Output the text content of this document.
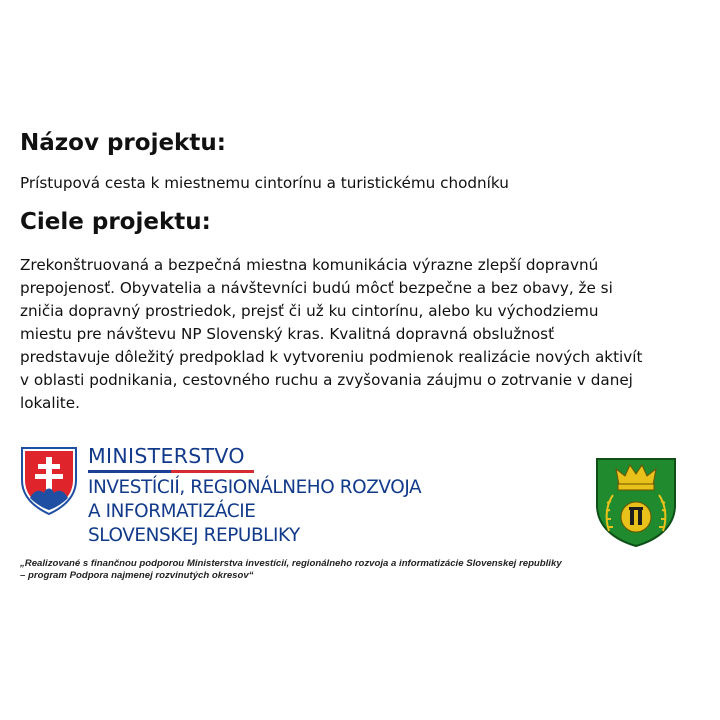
Názov projektu:
Prístupová cesta k miestnemu cintorínu a turistickému chodníku
Ciele projektu:
Zrekonštruovaná a bezpečná miestna komunikácia výrazne zlepší dopravnú
prepojenosť. Obyvatelia a návštevníci budú môcť bezpečne a bez obavy, že si
zničia dopravný prostriedok, prejsť či už ku cintorínu, alebo ku východziemu
miestu pre návštevu NP Slovenský kras. Kvalitná dopravná obslužnosť
predstavuje dôležitý predpoklad k vytvoreniu podmienok realizácie nových aktivít
v oblasti podnikania, cestovného ruchu a zvyšovania záujmu o zotrvanie v danej
lokalite.
MINISTERSTVO
INVESTÍCIÍ, REGIONÁLNEHO ROZVOJA
A INFORMATIZÁCIE
SLOVENSKEJ REPUBLIKY
„Realizované s finančnou podporou Ministerstva investícií, regionálneho rozvoja a informatizácie Slovenskej republiky
– program Podpora najmenej rozvinutých okresov“
